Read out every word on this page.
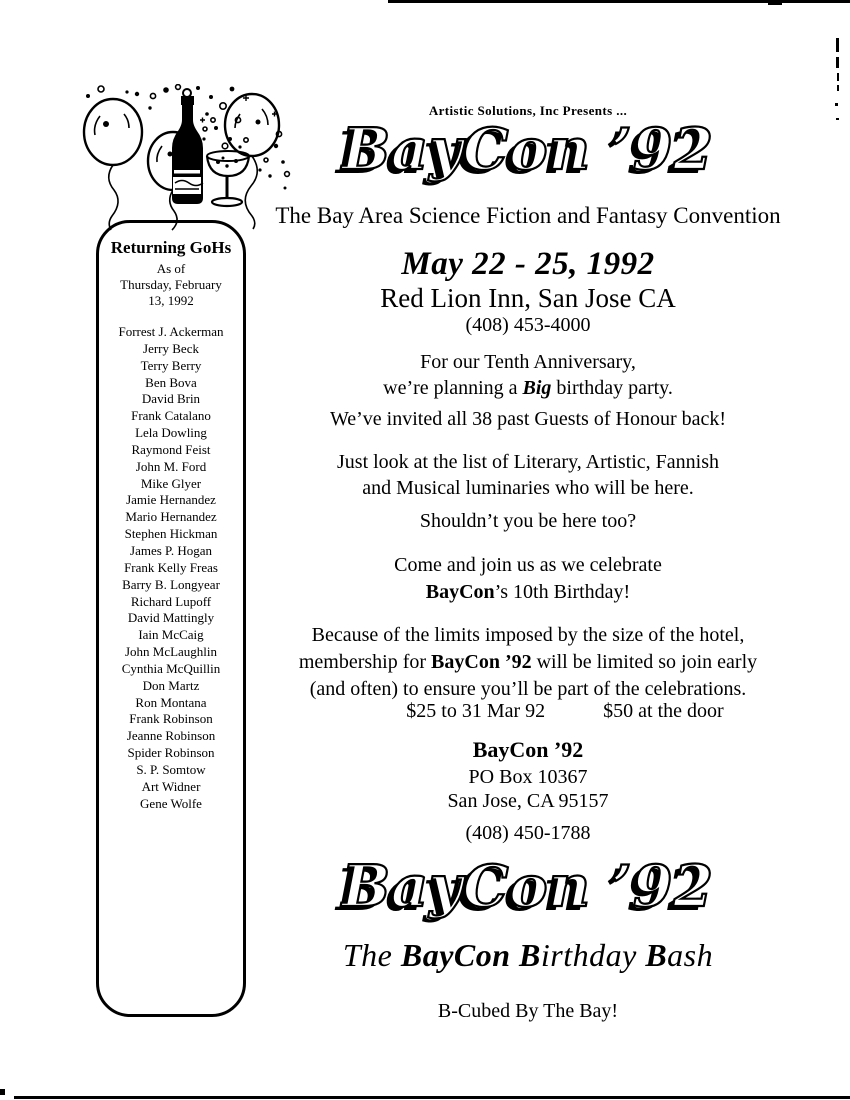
Returning GoHs
As of
Thursday, February
13, 1992
Forrest J. Ackerman
Jerry Beck
Terry Berry
Ben Bova
David Brin
Frank Catalano
Lela Dowling
Raymond Feist
John M. Ford
Mike Glyer
Jamie Hernandez
Mario Hernandez
Stephen Hickman
James P. Hogan
Frank Kelly Freas
Barry B. Longyear
Richard Lupoff
David Mattingly
Iain McCaig
John McLaughlin
Cynthia McQuillin
Don Martz
Ron Montana
Frank Robinson
Jeanne Robinson
Spider Robinson
S. P. Somtow
Art Widner
Gene Wolfe
Artistic Solutions, Inc Presents ...
BayCon ’92
The Bay Area Science Fiction and Fantasy Convention
May 22 - 25, 1992
Red Lion Inn, San Jose CA
(408) 453-4000
For our Tenth Anniversary,
we’re planning a Big birthday party.
We’ve invited all 38 past Guests of Honour back!
Just look at the list of Literary, Artistic, Fannish
and Musical luminaries who will be here.
Shouldn’t you be here too?
Come and join us as we celebrate
BayCon’s 10th Birthday!
Because of the limits imposed by the size of the hotel,
membership for BayCon ’92 will be limited so join early
(and often) to ensure you’ll be part of the celebrations.
$25 to 31 Mar 92	$50 at the door
BayCon ’92
PO Box 10367
San Jose, CA 95157
(408) 450-1788
BayCon ’92
The BayCon Birthday Bash
B-Cubed By The Bay!
